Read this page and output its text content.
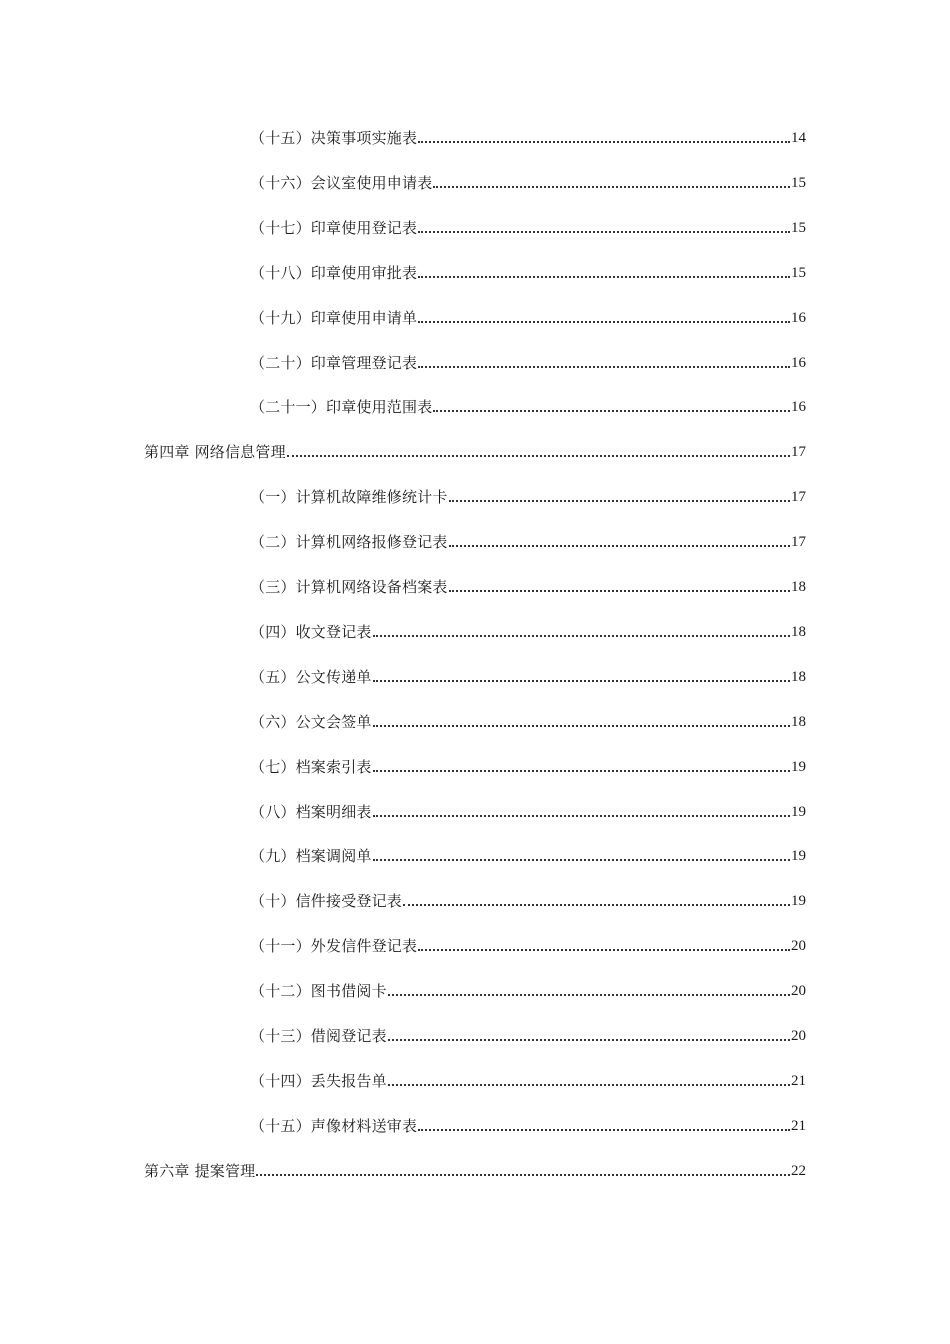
（十五）决策事项实施表	14
（十六）会议室使用申请表	15
（十七）印章使用登记表	15
（十八）印章使用审批表	15
（十九）印章使用申请单	16
（二十）印章管理登记表	16
（二十一）印章使用范围表	16
第四章 网络信息管理	17
（一）计算机故障维修统计卡	17
（二）计算机网络报修登记表	17
（三）计算机网络设备档案表	18
（四）收文登记表	18
（五）公文传递单	18
（六）公文会签单	18
（七）档案索引表	19
（八）档案明细表	19
（九）档案调阅单	19
（十）信件接受登记表	19
（十一）外发信件登记表	20
（十二）图书借阅卡	20
（十三）借阅登记表	20
（十四）丢失报告单	21
（十五）声像材料送审表	21
第六章 提案管理	22
